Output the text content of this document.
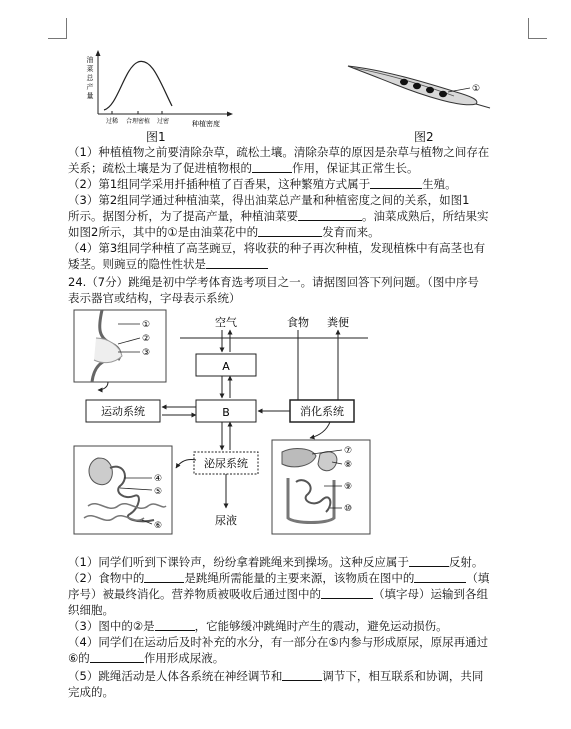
油
菜
总
产
量
过稀 合理密植 过密	种植密度
图1
①
图2
（1）种植植物之前要清除杂草，疏松土壤。清除杂草的原因是杂草与植物之间存在
关系；疏松土壤是为了促进植物根的	作用，保证其正常生长。
（2）第1组同学采用扦插种植了百香果，这种繁殖方式属于	生殖。
（3）第2组同学通过种植油菜，得出油菜总产量和种植密度之间的关系，如图1
所示。据图分析，为了提高产量，种植油菜要	。油菜成熟后，所结果实
如图2所示，其中的①是由油菜花中的	发育而来。
（4）第3组同学种植了高茎豌豆，将收获的种子再次种植，发现植株中有高茎也有
矮茎。则豌豆的隐性性状是
24.（7分）跳绳是初中学考体育选考项目之一。请据图回答下列问题。（图中序号
表示器官或结构，字母表示系统）
①
②
③
空气	食物 粪便
A
B
运动系统	消化系统
泌尿系统
尿液
④
⑤
⑥
⑦
⑧
⑨
⑩
（1）同学们听到下课铃声，纷纷拿着跳绳来到操场。这种反应属于	反射。
（2）食物中的	是跳绳所需能量的主要来源，该物质在图中的	（填
序号）被最终消化。营养物质被吸收后通过图中的	（填字母）运输到各组
织细胞。
（3）图中的②是	，它能够缓冲跳绳时产生的震动，避免运动损伤。
（4）同学们在运动后及时补充的水分，有一部分在⑤内参与形成原尿，原尿再通过
⑥的	作用形成尿液。
（5）跳绳活动是人体各系统在神经调节和	调节下，相互联系和协调，共同
完成的。
